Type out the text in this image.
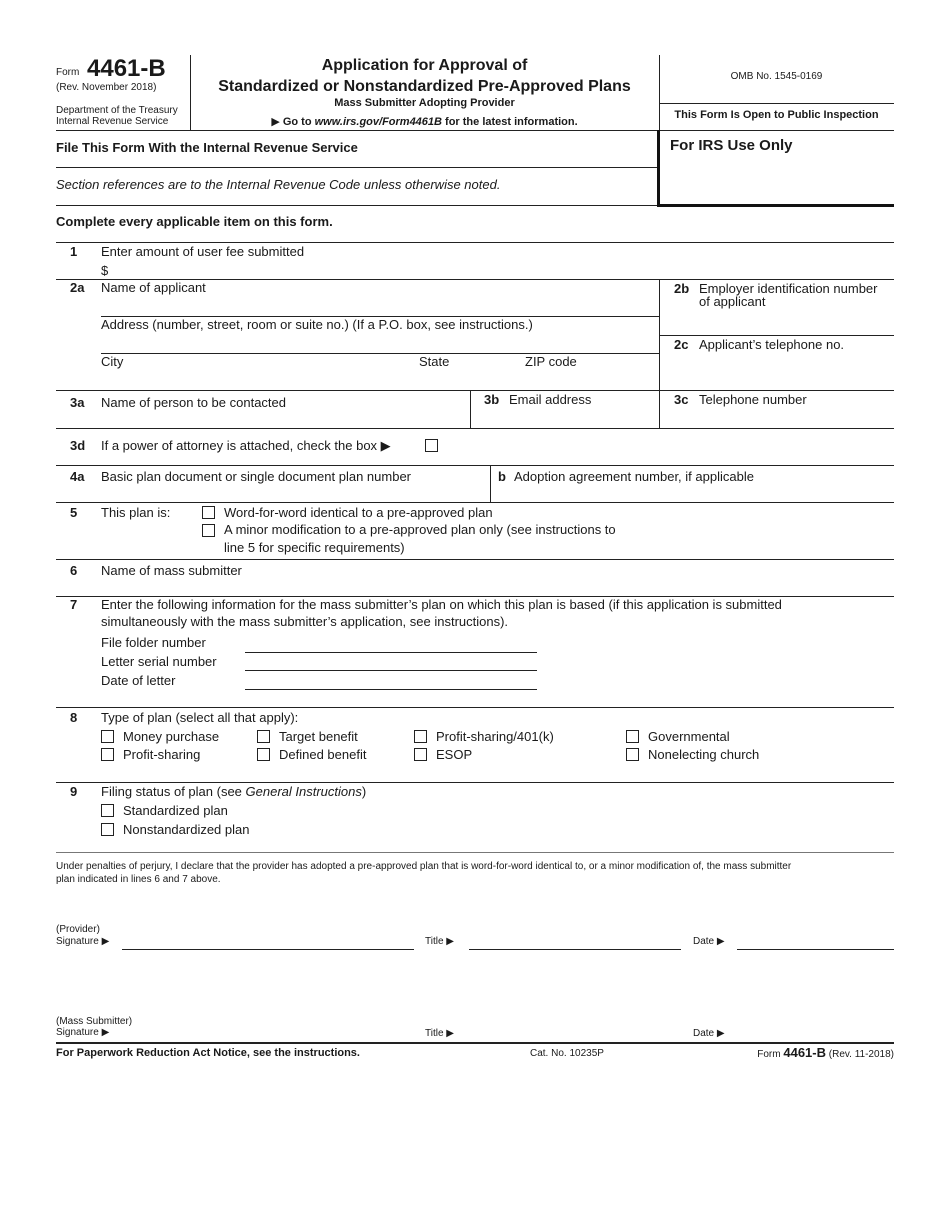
Form 4461-B
(Rev. November 2018)
Department of the Treasury
Internal Revenue Service
Application for Approval of
Standardized or Nonstandardized Pre-Approved Plans
Mass Submitter Adopting Provider
▶ Go to www.irs.gov/Form4461B for the latest information.
OMB No. 1545-0169
This Form Is Open to Public Inspection
File This Form With the Internal Revenue Service
Section references are to the Internal Revenue Code unless otherwise noted.
For IRS Use Only
Complete every applicable item on this form.
1 Enter amount of user fee submitted
$
2a Name of applicant
Address (number, street, room or suite no.) (If a P.O. box, see instructions.)
City	State	ZIP code
2b Employer identification number
of applicant
2c Applicant’s telephone no.
3a Name of person to be contacted	3b Email address	3c Telephone number
3d If a power of attorney is attached, check the box ▶
4a Basic plan document or single document plan number	b Adoption agreement number, if applicable
5 This plan is:	Word-for-word identical to a pre-approved plan
A minor modification to a pre-approved plan only (see instructions to
line 5 for specific requirements)
6 Name of mass submitter
7 Enter the following information for the mass submitter’s plan on which this plan is based (if this application is submitted
simultaneously with the mass submitter’s application, see instructions).
File folder number
Letter serial number
Date of letter
8 Type of plan (select all that apply):
Money purchase	Target benefit	Profit-sharing/401(k)	Governmental
Profit-sharing	Defined benefit	ESOP	Nonelecting church
9 Filing status of plan (see General Instructions)
Standardized plan
Nonstandardized plan
Under penalties of perjury, I declare that the provider has adopted a pre-approved plan that is word-for-word identical to, or a minor modification of, the mass submitter
plan indicated in lines 6 and 7 above.
(Provider)
Signature ▶	Title ▶	Date ▶
(Mass Submitter)
Signature ▶	Title ▶	Date ▶
For Paperwork Reduction Act Notice, see the instructions.	Cat. No. 10235P	Form 4461-B (Rev. 11-2018)
